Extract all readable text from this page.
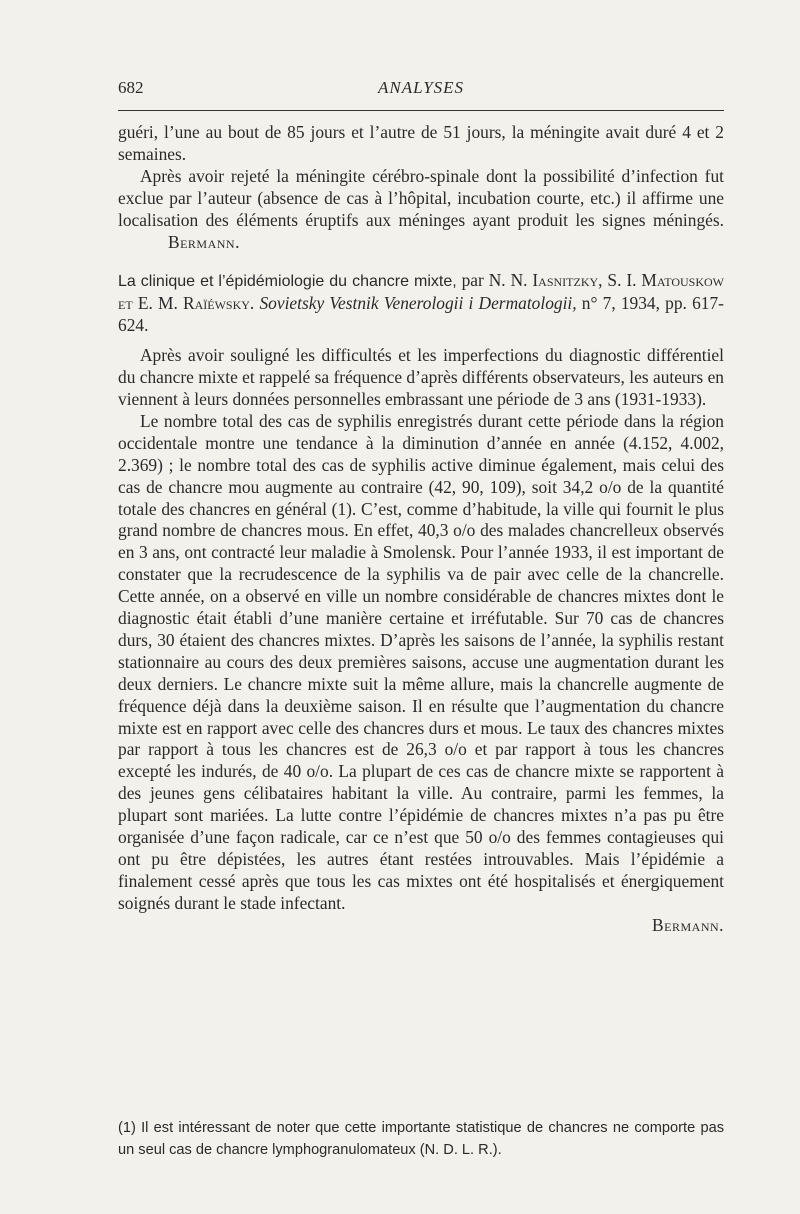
682	ANALYSES

guéri, l’une au bout de 85 jours et l’autre de 51 jours, la méningite avait duré 4 et 2 semaines.

Après avoir rejeté la méningite cérébro-spinale dont la possibilité d’infection fut exclue par l’auteur (absence de cas à l’hôpital, incubation courte, etc.) il affirme une localisation des éléments éruptifs aux méninges ayant produit les signes méningés.Bermann.

La clinique et l’épidémiologie du chancre mixte, par N. N. Iasnitzky, S. I. Matouskow et E. M. Raïéwsky. Sovietsky Vestnik Venerologii i Dermatologii, n° 7, 1934, pp. 617-624.

Après avoir souligné les difficultés et les imperfections du diagnostic différentiel du chancre mixte et rappelé sa fréquence d’après différents observateurs, les auteurs en viennent à leurs données personnelles embrassant une période de 3 ans (1931-1933).

Le nombre total des cas de syphilis enregistrés durant cette période dans la région occidentale montre une tendance à la diminution d’année en année (4.152, 4.002, 2.369) ; le nombre total des cas de syphilis active diminue également, mais celui des cas de chancre mou augmente au contraire (42, 90, 109), soit 34,2 o/o de la quantité totale des chancres en général (1). C’est, comme d’habitude, la ville qui fournit le plus grand nombre de chancres mous. En effet, 40,3 o/o des malades chancrelleux observés en 3 ans, ont contracté leur maladie à Smolensk. Pour l’année 1933, il est important de constater que la recrudescence de la syphilis va de pair avec celle de la chancrelle. Cette année, on a observé en ville un nombre considérable de chancres mixtes dont le diagnostic était établi d’une manière certaine et irréfutable. Sur 70 cas de chancres durs, 30 étaient des chancres mixtes. D’après les saisons de l’année, la syphilis restant stationnaire au cours des deux premières saisons, accuse une augmentation durant les deux derniers. Le chancre mixte suit la même allure, mais la chancrelle augmente de fréquence déjà dans la deuxième saison. Il en résulte que l’augmentation du chancre mixte est en rapport avec celle des chancres durs et mous. Le taux des chancres mixtes par rapport à tous les chancres est de 26,3 o/o et par rapport à tous les chancres excepté les indurés, de 40 o/o. La plupart de ces cas de chancre mixte se rapportent à des jeunes gens célibataires habitant la ville. Au contraire, parmi les femmes, la plupart sont mariées. La lutte contre l’épidémie de chancres mixtes n’a pas pu être organisée d’une façon radicale, car ce n’est que 50 o/o des femmes contagieuses qui ont pu être dépistées, les autres étant restées introuvables. Mais l’épidémie a finalement cessé après que tous les cas mixtes ont été hospitalisés et énergiquement soignés durant le stade infectant.

Bermann.

(1) Il est intéressant de noter que cette importante statistique de chancres ne comporte pas un seul cas de chancre lymphogranulomateux (N. D. L. R.).
